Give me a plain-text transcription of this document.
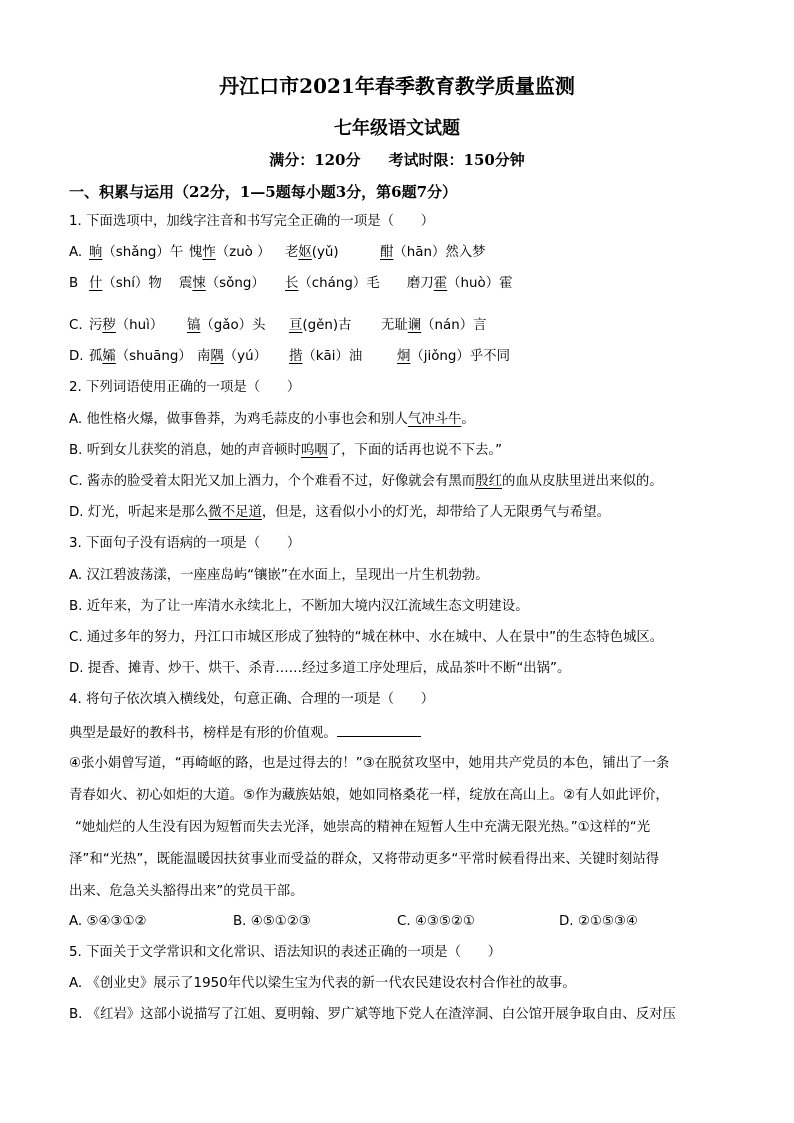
丹江口市2021年春季教育教学质量监测
七年级语文试题
满分：120分 考试时限：150分钟
一、积累与运用（22分，1—5题每小题3分，第6题7分）
1. 下面选项中，加线字注音和书写完全正确的一项是（　　）
A. 晌（shǎng）午 愧怍（zuò ） 老妪(yǔ)	酣（hān）然入梦
B 什（shí）物 震悚（sǒng） 长（cháng）毛 磨刀霍（huò）霍
C. 污秽（huì） 镐（gǎo）头 亘(gěn)古 无耻谰（nán）言
D. 孤孀（shuāng） 南隅（yú） 揩（kāi）油	炯（jiǒng）乎不同
2. 下列词语使用正确的一项是（　　）
A. 他性格火爆，做事鲁莽，为鸡毛蒜皮的小事也会和别人气冲斗牛。
B. 听到女儿获奖的消息，她的声音顿时呜咽了，下面的话再也说不下去。”
C. 酱赤的脸受着太阳光又加上酒力，个个难看不过，好像就会有黑而殷红的血从皮肤里迸出来似的。
D. 灯光，听起来是那么微不足道，但是，这看似小小的灯光，却带给了人无限勇气与希望。
3. 下面句子没有语病的一项是（　　）
A. 汉江碧波荡漾，一座座岛屿“镶嵌”在水面上，呈现出一片生机勃勃。
B. 近年来，为了让一库清水永续北上，不断加大境内汉江流域生态文明建设。
C. 通过多年的努力，丹江口市城区形成了独特的“城在林中、水在城中、人在景中”的生态特色城区。
D. 提香、摊青、炒干、烘干、杀青……经过多道工序处理后，成品茶叶不断“出锅”。
4. 将句子依次填入横线处，句意正确、合理的一项是（　　）
典型是最好的教科书，榜样是有形的价值观。
④张小娟曾写道，“再崎岖的路，也是过得去的！”③在脱贫攻坚中，她用共产党员的本色，铺出了一条
青春如火、初心如炬的大道。⑤作为藏族姑娘，她如同格桑花一样，绽放在高山上。②有人如此评价，
“她灿烂的人生没有因为短暂而失去光泽，她崇高的精神在短暂人生中充满无限光热。”①这样的“光
泽”和“光热”，既能温暖因扶贫事业而受益的群众，又将带动更多“平常时候看得出来、关键时刻站得
出来、危急关头豁得出来”的党员干部。
A. ⑤④③①②	B. ④⑤①②③	C. ④③⑤②①	D. ②①⑤③④
5. 下面关于文学常识和文化常识、语法知识的表述正确的一项是（　　）
A. 《创业史》展示了1950年代以梁生宝为代表的新一代农民建设农村合作社的故事。
B. 《红岩》这部小说描写了江姐、夏明翰、罗广斌等地下党人在渣滓洞、白公馆开展争取自由、反对压
